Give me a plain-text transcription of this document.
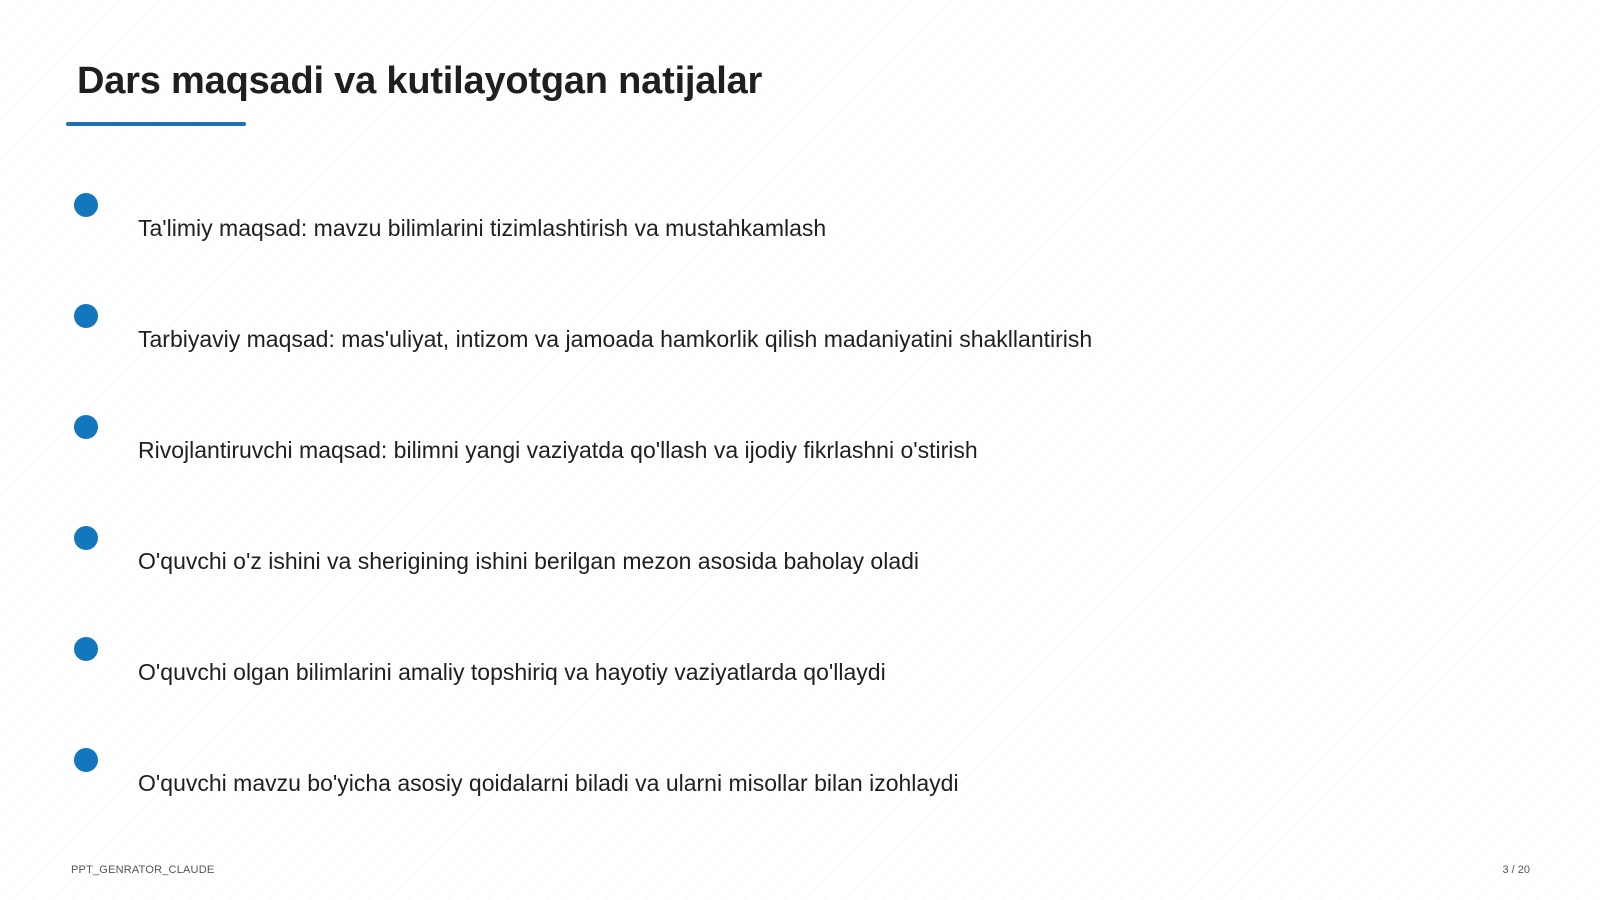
Dars maqsadi va kutilayotgan natijalar
Ta'limiy maqsad: mavzu bilimlarini tizimlashtirish va mustahkamlash
Tarbiyaviy maqsad: mas'uliyat, intizom va jamoada hamkorlik qilish madaniyatini shakllantirish
Rivojlantiruvchi maqsad: bilimni yangi vaziyatda qo'llash va ijodiy fikrlashni o'stirish
O'quvchi o'z ishini va sherigining ishini berilgan mezon asosida baholay oladi
O'quvchi olgan bilimlarini amaliy topshiriq va hayotiy vaziyatlarda qo'llaydi
O'quvchi mavzu bo'yicha asosiy qoidalarni biladi va ularni misollar bilan izohlaydi
PPT_GENRATOR_CLAUDE	3 / 20
